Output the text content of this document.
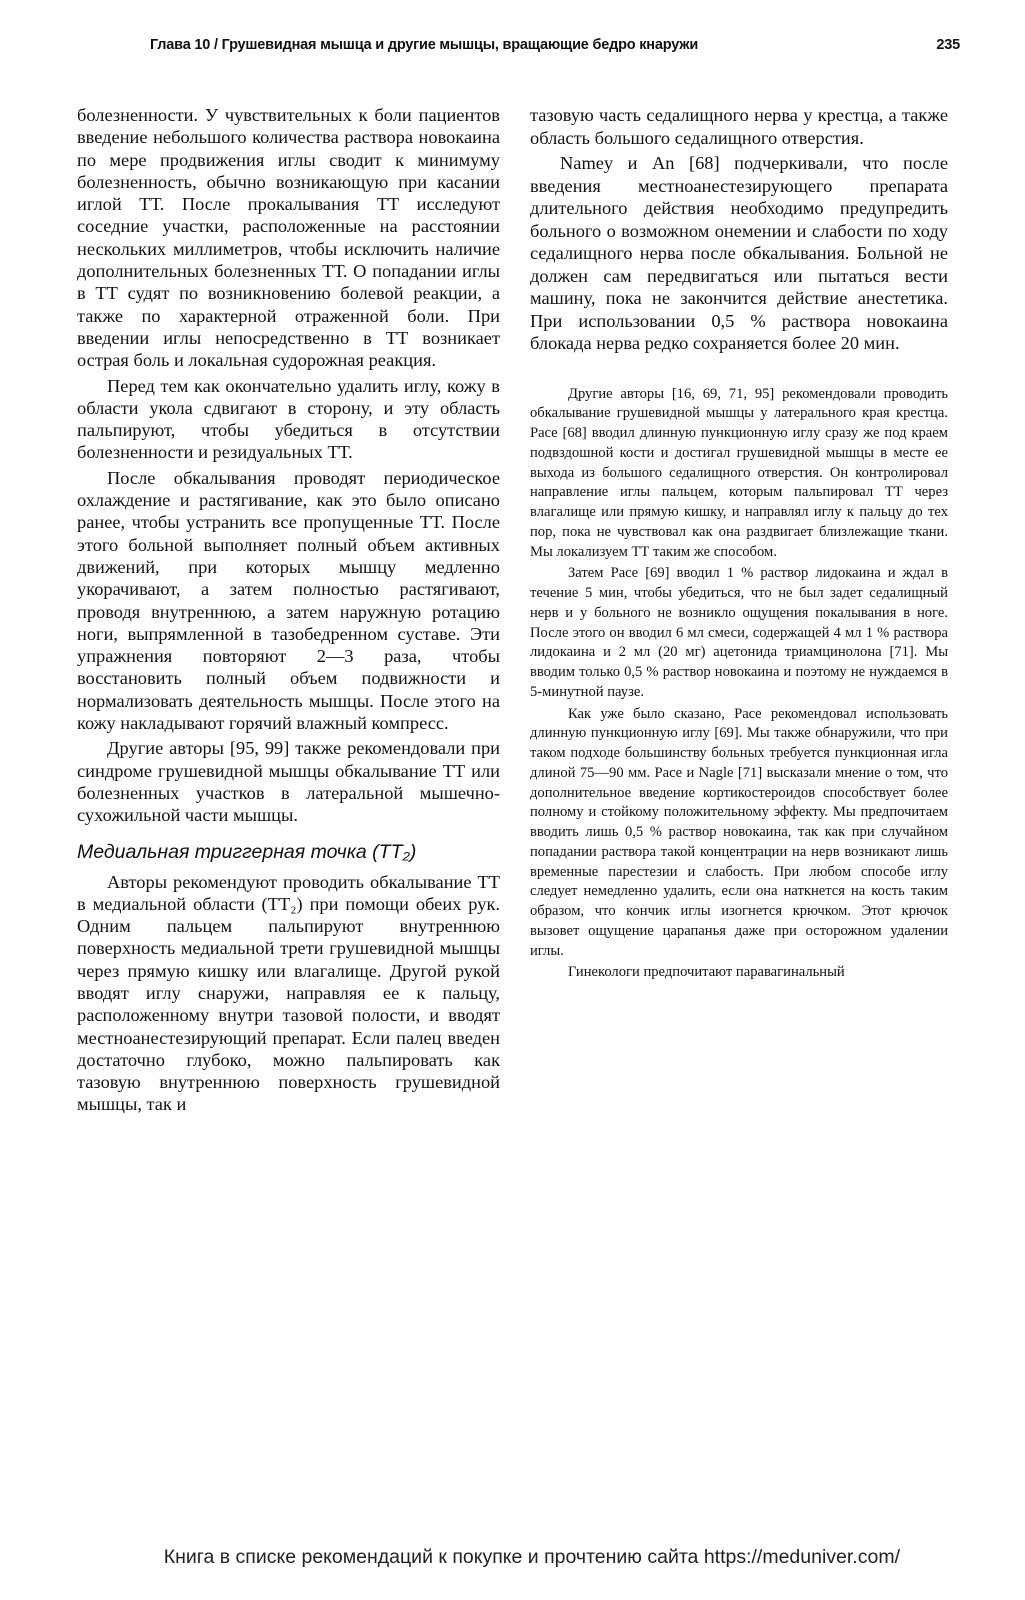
Глава 10 / Грушевидная мышца и другие мышцы, вращающие бедро кнаружи	235

болезненности. У чувствительных к боли пациентов введение небольшого количества раствора новокаина по мере продвижения иглы сводит к минимуму болезненность, обычно возникающую при касании иглой ТТ. После прокалывания ТТ исследуют соседние участки, расположенные на расстоянии нескольких миллиметров, чтобы исключить наличие дополнительных болезненных ТТ. О попадании иглы в ТТ судят по возникновению болевой реакции, а также по характерной отраженной боли. При введении иглы непосредственно в ТТ возникает острая боль и локальная судорожная реакция.

Перед тем как окончательно удалить иглу, кожу в области укола сдвигают в сторону, и эту область пальпируют, чтобы убедиться в отсутствии болезненности и резидуальных ТТ.

После обкалывания проводят периодическое охлаждение и растягивание, как это было описано ранее, чтобы устранить все пропущенные ТТ. После этого больной выполняет полный объем активных движений, при которых мышцу медленно укорачивают, а затем полностью растягивают, проводя внутреннюю, а затем наружную ротацию ноги, выпрямленной в тазобедренном суставе. Эти упражнения повторяют 2—3 раза, чтобы восстановить полный объем подвижности и нормализовать деятельность мышцы. После этого на кожу накладывают горячий влажный компресс.

Другие авторы [95, 99] также рекомендовали при синдроме грушевидной мышцы обкалывание ТТ или болезненных участков в латеральной мышечно-сухожильной части мышцы.

Медиальная триггерная точка (ТТ₂)

Авторы рекомендуют проводить обкалывание ТТ в медиальной области (ТТ₂) при помощи обеих рук. Одним пальцем пальпируют внутреннюю поверхность медиальной трети грушевидной мышцы через прямую кишку или влагалище. Другой рукой вводят иглу снаружи, направляя ее к пальцу, расположенному внутри тазовой полости, и вводят местноанестезирующий препарат. Если палец введен достаточно глубоко, можно пальпировать как тазовую внутреннюю поверхность грушевидной мышцы, так и

тазовую часть седалищного нерва у крестца, а также область большого седалищного отверстия.

Namey и An [68] подчеркивали, что после введения местноанестезирующего препарата длительного действия необходимо предупредить больного о возможном онемении и слабости по ходу седалищного нерва после обкалывания. Больной не должен сам передвигаться или пытаться вести машину, пока не закончится действие анестетика. При использовании 0,5 % раствора новокаина блокада нерва редко сохраняется более 20 мин.

Другие авторы [16, 69, 71, 95] рекомендовали проводить обкалывание грушевидной мышцы у латерального края крестца. Pace [68] вводил длинную пункционную иглу сразу же под краем подвздошной кости и достигал грушевидной мышцы в месте ее выхода из большого седалищного отверстия. Он контролировал направление иглы пальцем, которым пальпировал ТТ через влагалище или прямую кишку, и направлял иглу к пальцу до тех пор, пока не чувствовал как она раздвигает близлежащие ткани. Мы локализуем ТТ таким же способом.

Затем Pace [69] вводил 1 % раствор лидокаина и ждал в течение 5 мин, чтобы убедиться, что не был задет седалищный нерв и у больного не возникло ощущения покалывания в ноге. После этого он вводил 6 мл смеси, содержащей 4 мл 1 % раствора лидокаина и 2 мл (20 мг) ацетонида триамцинолона [71]. Мы вводим только 0,5 % раствор новокаина и поэтому не нуждаемся в 5-минутной паузе.

Как уже было сказано, Pace рекомендовал использовать длинную пункционную иглу [69]. Мы также обнаружили, что при таком подходе большинству больных требуется пункционная игла длиной 75—90 мм. Pace и Nagle [71] высказали мнение о том, что дополнительное введение кортикостероидов способствует более полному и стойкому положительному эффекту. Мы предпочитаем вводить лишь 0,5 % раствор новокаина, так как при случайном попадании раствора такой концентрации на нерв возникают лишь временные парестезии и слабость. При любом способе иглу следует немедленно удалить, если она наткнется на кость таким образом, что кончик иглы изогнется крючком. Этот крючок вызовет ощущение царапанья даже при осторожном удалении иглы.

Гинекологи предпочитают паравагинальный

Книга в списке рекомендаций к покупке и прочтению сайта https://meduniver.com/
